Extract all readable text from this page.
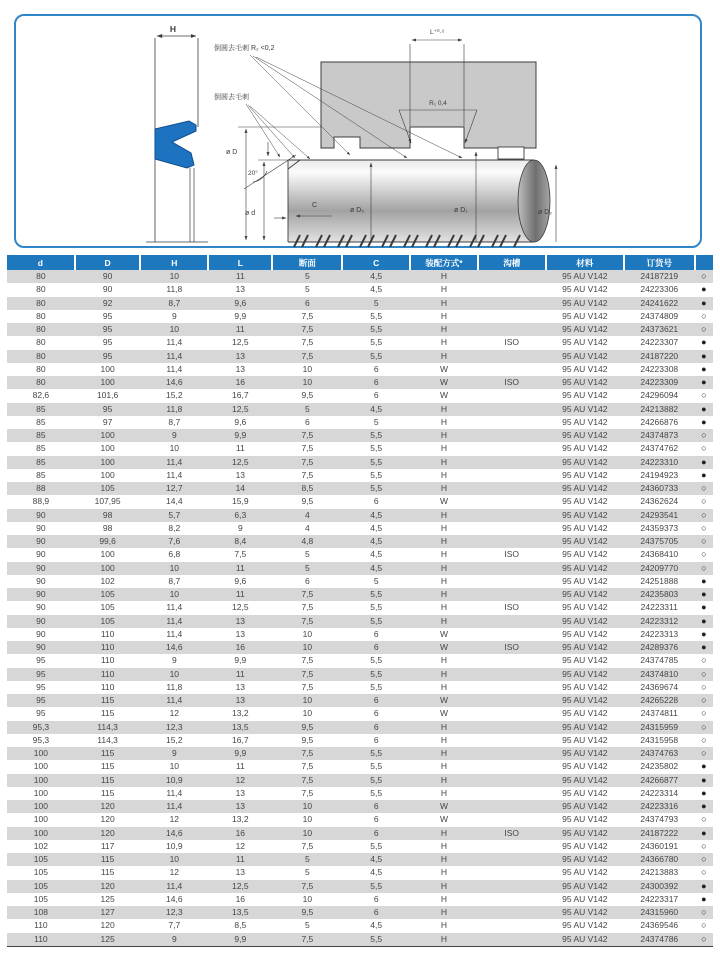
H
倒圆去毛刺 R₂ <0,2
倒圆去毛刺
L⁺⁰·²
R₁ 0,4
20°
ø D
ø d
C
ø D₅	ø D₁	ø D₂
d	D	H	L	断面	C	装配方式*	沟槽	材料	订货号	
80	90	10	11	5	4,5	H		95 AU V142	24187219	○
80	90	11,8	13	5	4,5	H		95 AU V142	24223306	●
80	92	8,7	9,6	6	5	H		95 AU V142	24241622	●
80	95	9	9,9	7,5	5,5	H		95 AU V142	24374809	○
80	95	10	11	7,5	5,5	H		95 AU V142	24373621	○
80	95	11,4	12,5	7,5	5,5	H	ISO	95 AU V142	24223307	●
80	95	11,4	13	7,5	5,5	H		95 AU V142	24187220	●
80	100	11,4	13	10	6	W		95 AU V142	24223308	●
80	100	14,6	16	10	6	W	ISO	95 AU V142	24223309	●
82,6	101,6	15,2	16,7	9,5	6	W		95 AU V142	24296094	○
85	95	11,8	12,5	5	4,5	H		95 AU V142	24213882	●
85	97	8,7	9,6	6	5	H		95 AU V142	24266876	●
85	100	9	9,9	7,5	5,5	H		95 AU V142	24374873	○
85	100	10	11	7,5	5,5	H		95 AU V142	24374762	○
85	100	11,4	12,5	7,5	5,5	H		95 AU V142	24223310	●
85	100	11,4	13	7,5	5,5	H		95 AU V142	24194923	●
88	105	12,7	14	8,5	5,5	H		95 AU V142	24360733	○
88,9	107,95	14,4	15,9	9,5	6	W		95 AU V142	24362624	○
90	98	5,7	6,3	4	4,5	H		95 AU V142	24293541	○
90	98	8,2	9	4	4,5	H		95 AU V142	24359373	○
90	99,6	7,6	8,4	4,8	4,5	H		95 AU V142	24375705	○
90	100	6,8	7,5	5	4,5	H	ISO	95 AU V142	24368410	○
90	100	10	11	5	4,5	H		95 AU V142	24209770	○
90	102	8,7	9,6	6	5	H		95 AU V142	24251888	●
90	105	10	11	7,5	5,5	H		95 AU V142	24235803	●
90	105	11,4	12,5	7,5	5,5	H	ISO	95 AU V142	24223311	●
90	105	11,4	13	7,5	5,5	H		95 AU V142	24223312	●
90	110	11,4	13	10	6	W		95 AU V142	24223313	●
90	110	14,6	16	10	6	W	ISO	95 AU V142	24289376	●
95	110	9	9,9	7,5	5,5	H		95 AU V142	24374785	○
95	110	10	11	7,5	5,5	H		95 AU V142	24374810	○
95	110	11,8	13	7,5	5,5	H		95 AU V142	24369674	○
95	115	11,4	13	10	6	W		95 AU V142	24265228	○
95	115	12	13,2	10	6	W		95 AU V142	24374811	○
95,3	114,3	12,3	13,5	9,5	6	H		95 AU V142	24315959	○
95,3	114,3	15,2	16,7	9,5	6	H		95 AU V142	24315958	○
100	115	9	9,9	7,5	5,5	H		95 AU V142	24374763	○
100	115	10	11	7,5	5,5	H		95 AU V142	24235802	●
100	115	10,9	12	7,5	5,5	H		95 AU V142	24266877	●
100	115	11,4	13	7,5	5,5	H		95 AU V142	24223314	●
100	120	11,4	13	10	6	W		95 AU V142	24223316	●
100	120	12	13,2	10	6	W		95 AU V142	24374793	○
100	120	14,6	16	10	6	H	ISO	95 AU V142	24187222	●
102	117	10,9	12	7,5	5,5	H		95 AU V142	24360191	○
105	115	10	11	5	4,5	H		95 AU V142	24366780	○
105	115	12	13	5	4,5	H		95 AU V142	24213883	○
105	120	11,4	12,5	7,5	5,5	H		95 AU V142	24300392	●
105	125	14,6	16	10	6	H		95 AU V142	24223317	●
108	127	12,3	13,5	9,5	6	H		95 AU V142	24315960	○
110	120	7,7	8,5	5	4,5	H		95 AU V142	24369546	○
110	125	9	9,9	7,5	5,5	H		95 AU V142	24374786	○
